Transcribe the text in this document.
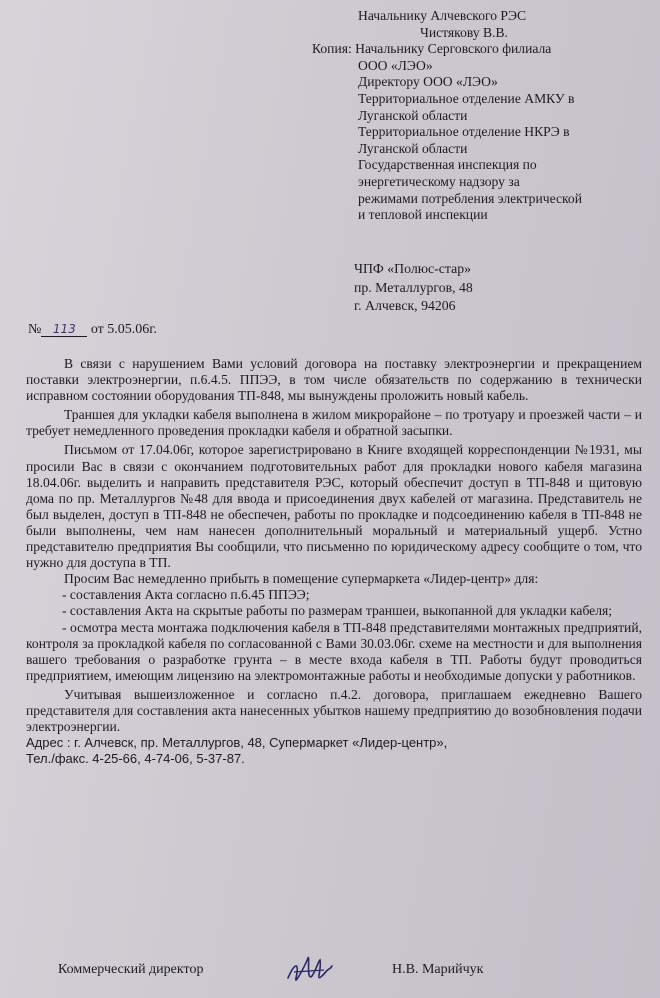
Начальнику Алчевского РЭС
Чистякову В.В.
Копия: Начальнику Серговского филиала
ООО «ЛЭО»
Директору ООО «ЛЭО»
Территориальное отделение АМКУ в
Луганской области
Территориальное отделение НКРЭ в
Луганской области
Государственная инспекция по
энергетическому надзору за
режимами потребления электрической
и тепловой инспекции
ЧПФ «Полюс-стар»
пр. Металлургов, 48
г. Алчевск, 94206
№ 113 от 5.05.06г.

В связи с нарушением Вами условий договора на поставку электроэнергии и прекращением поставки электроэнергии, п.6.4.5. ППЭЭ, в том числе обязательств по содержанию в технически исправном состоянии оборудования ТП-848, мы вынуждены проложить новый кабель.

Траншея для укладки кабеля выполнена в жилом микрорайоне – по тротуару и проезжей части – и требует немедленного проведения прокладки кабеля и обратной засыпки.

Письмом от 17.04.06г, которое зарегистрировано в Книге входящей корреспонденции №1931, мы просили Вас в связи с окончанием подготовительных работ для прокладки нового кабеля магазина 18.04.06г. выделить и направить представителя РЭС, который обеспечит доступ в ТП-848 и щитовую дома по пр. Металлургов №48 для ввода и присоединения двух кабелей от магазина. Представитель не был выделен, доступ в ТП-848 не обеспечен, работы по прокладке и подсоединению кабеля в ТП-848 не были выполнены, чем нам нанесен дополнительный моральный и материальный ущерб. Устно представителю предприятия Вы сообщили, что письменно по юридическому адресу сообщите о том, что нужно для доступа в ТП.

Просим Вас немедленно прибыть в помещение супермаркета «Лидер-центр» для:

- составления Акта согласно п.6.45 ППЭЭ;

- составления Акта на скрытые работы по размерам траншеи, выкопанной для укладки кабеля;

- осмотра места монтажа подключения кабеля в ТП-848 представителями монтажных предприятий, контроля за прокладкой кабеля по согласованной с Вами 30.03.06г. схеме на местности и для выполнения вашего требования о разработке грунта – в месте входа кабеля в ТП. Работы будут проводиться предприятием, имеющим лицензию на электромонтажные работы и необходимые допуски у работников.

Учитывая вышеизложенное и согласно п.4.2. договора, приглашаем ежедневно Вашего представителя для составления акта нанесенных убытков нашему предприятию до возобновления подачи электроэнергии.

Адрес : г. Алчевск, пр. Металлургов, 48, Супермаркет «Лидер-центр»,

Тел./факс. 4-25-66, 4-74-06, 5-37-87.

Коммерческий директор	Н.В. Марийчук
